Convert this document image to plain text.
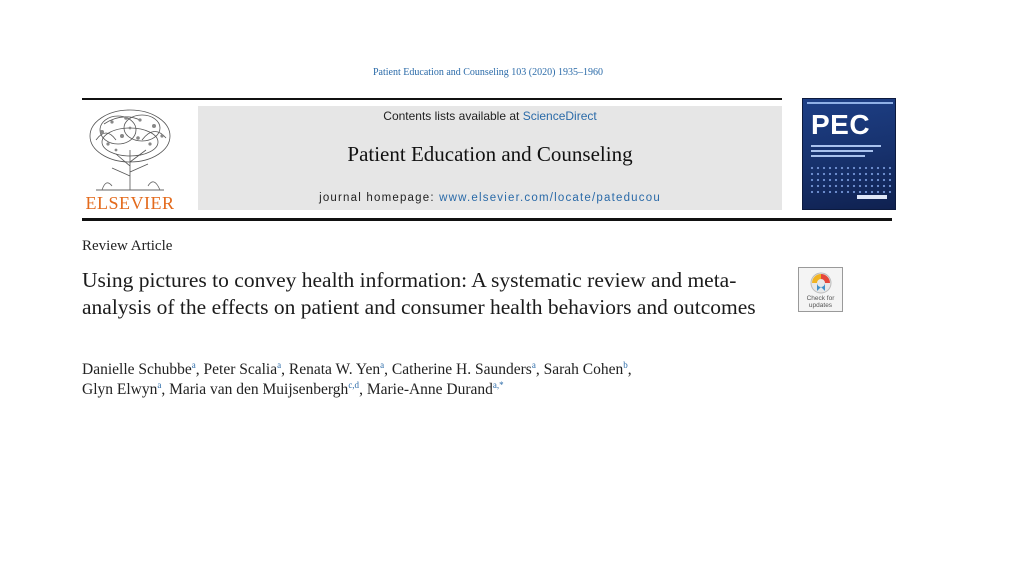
Patient Education and Counseling 103 (2020) 1935–1960
ELSEVIER
Contents lists available at ScienceDirect
Patient Education and Counseling
journal homepage: www.elsevier.com/locate/pateducou
PEC
Review Article
Using pictures to convey health information: A systematic review and meta-analysis of the effects on patient and consumer health behaviors and outcomes	Check for
updates
Danielle Schubbe$^a$, Peter Scalia$^a$, Renata W. Yen$^a$, Catherine H. Saunders$^a$, Sarah Cohen$^b$,
Glyn Elwyn$^a$, Maria van den Muijsenbergh$^{c,d}$, Marie-Anne Durand$^{a,*}$
